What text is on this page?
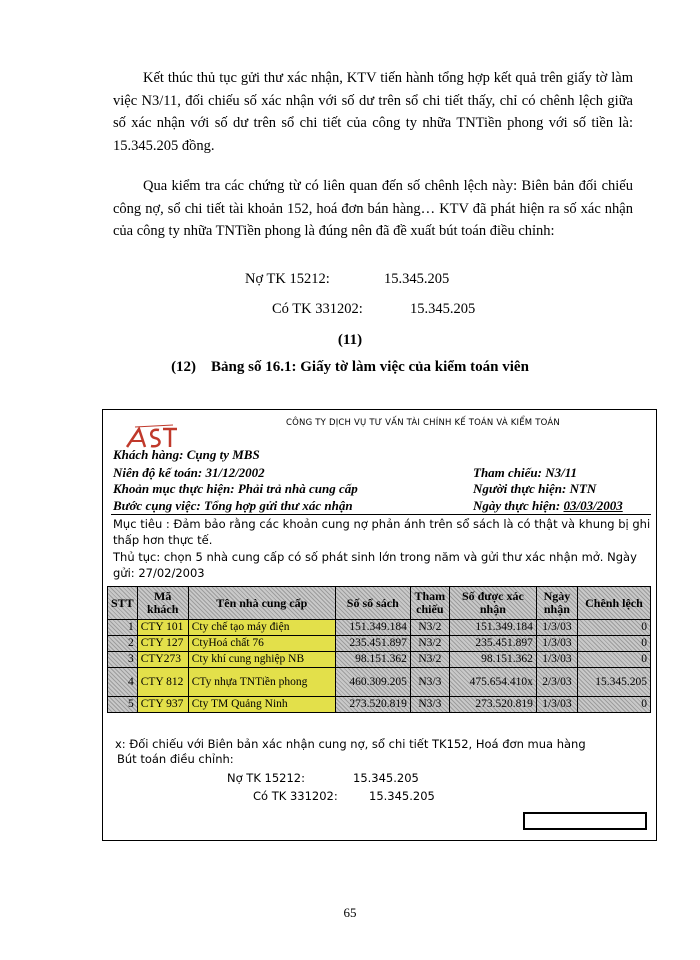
Kết thúc thủ tục gửi thư xác nhận, KTV tiến hành tổng hợp kết quả trên giấy tờ làm việc N3/11, đối chiếu số xác nhận với số dư trên sổ chi tiết thấy, chỉ có chênh lệch giữa số xác nhận với số dư trên sổ chi tiết của công ty nhữa TNTiền phong với số tiền là: 15.345.205 đồng.
Qua kiểm tra các chứng từ có liên quan đến số chênh lệch này: Biên bản đối chiếu công nợ, sổ chi tiết tài khoản 152, hoá đơn bán hàng… KTV đã phát hiện ra số xác nhận của công ty nhữa TNTiền phong là đúng nên đã đề xuất bút toán điều chỉnh:
Nợ TK 15212:	15.345.205
Có TK 331202:	15.345.205
(11)
(12)    Bảng số 16.1: Giấy tờ làm việc của kiểm toán viên
CÔNG TY DỊCH VỤ TƯ VẤN TÀI CHÍNH KẾ TOÁN VÀ KIỂM TOÁN
Khách hàng: Cụng ty MBS
Niên độ kế toán: 31/12/2002	Tham chiếu: N3/11
Khoản mục thực hiện: Phải trả nhà cung cấp	Người thực hiện: NTN
Bước cụng việc: Tổng hợp gửi thư xác nhận	Ngày thực hiện: 03/03/2003
Mục tiêu : Đảm bảo rằng các khoản cung nợ phản ánh trên sổ sách là có thật và khung bị ghi thấp hơn thực tế.
Thủ tục: chọn 5 nhà cung cấp có số phát sinh lớn trong năm và gửi thư xác nhận mở. Ngày gửi: 27/02/2003
STT	Mã khách	Tên nhà cung cấp	Số sổ sách	Tham chiếu	Số được xác nhận	Ngày nhận	Chênh lệch
1	CTY 101	Cty chế tạo máy điện	151.349.184	N3/2	151.349.184	1/3/03	0
2	CTY 127	CtyHoá chất 76	235.451.897	N3/2	235.451.897	1/3/03	0
3	CTY273	Cty khí cung nghiệp NB	98.151.362	N3/2	98.151.362	1/3/03	0
4	CTY 812	CTy nhựa TNTiền phong	460.309.205	N3/3	475.654.410x	2/3/03	15.345.205
5	CTY 937	Cty TM Quảng Ninh	273.520.819	N3/3	273.520.819	1/3/03	0
x: Đối chiếu với Biên bản xác nhận cung nợ, sổ chi tiết TK152, Hoá đơn mua hàng
Bút toán điều chỉnh:
Nợ TK 15212:	15.345.205
Có TK 331202:	15.345.205
65
